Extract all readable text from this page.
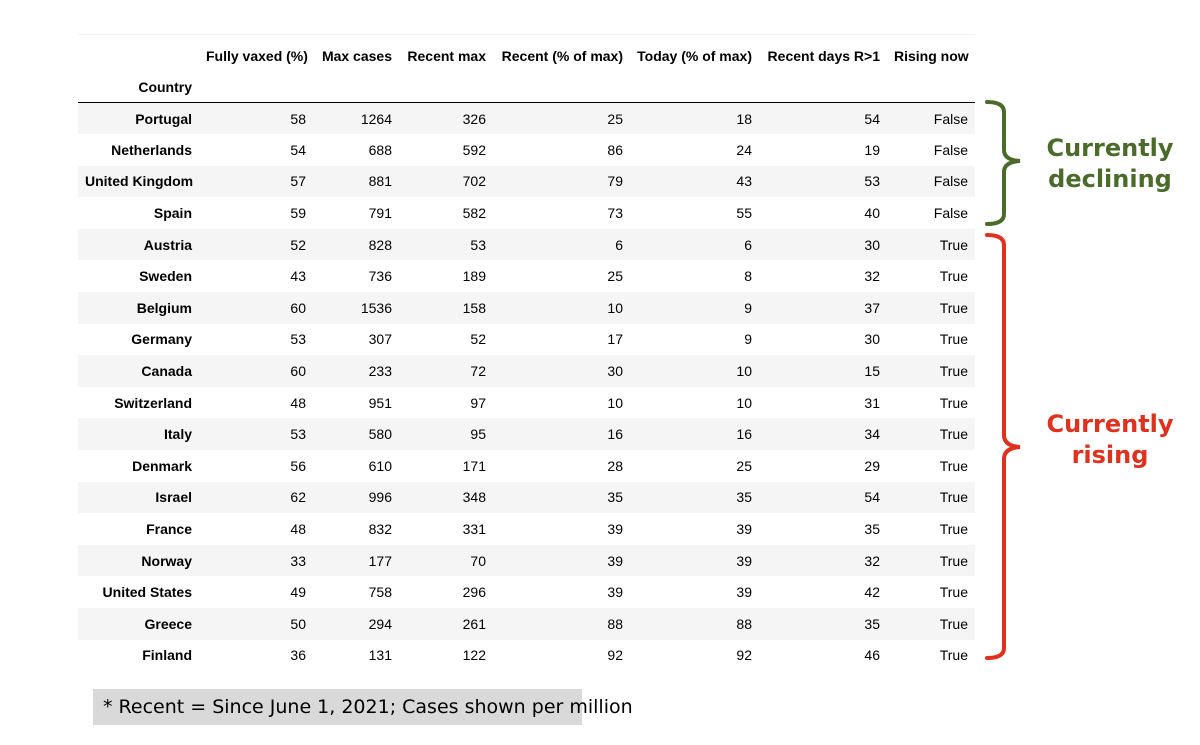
	Fully vaxed (%)	Max cases	Recent max	Recent (% of max)	Today (% of max)	Recent days R>1	Rising now
Country							
Portugal	58	1264	326	25	18	54	False
Netherlands	54	688	592	86	24	19	False
United Kingdom	57	881	702	79	43	53	False
Spain	59	791	582	73	55	40	False
Austria	52	828	53	6	6	30	True
Sweden	43	736	189	25	8	32	True
Belgium	60	1536	158	10	9	37	True
Germany	53	307	52	17	9	30	True
Canada	60	233	72	30	10	15	True
Switzerland	48	951	97	10	10	31	True
Italy	53	580	95	16	16	34	True
Denmark	56	610	171	28	25	29	True
Israel	62	996	348	35	35	54	True
France	48	832	331	39	39	35	True
Norway	33	177	70	39	39	32	True
United States	49	758	296	39	39	42	True
Greece	50	294	261	88	88	35	True
Finland	36	131	122	92	92	46	True
Currently
declining
Currently
rising
* Recent = Since June 1, 2021; Cases shown per million
